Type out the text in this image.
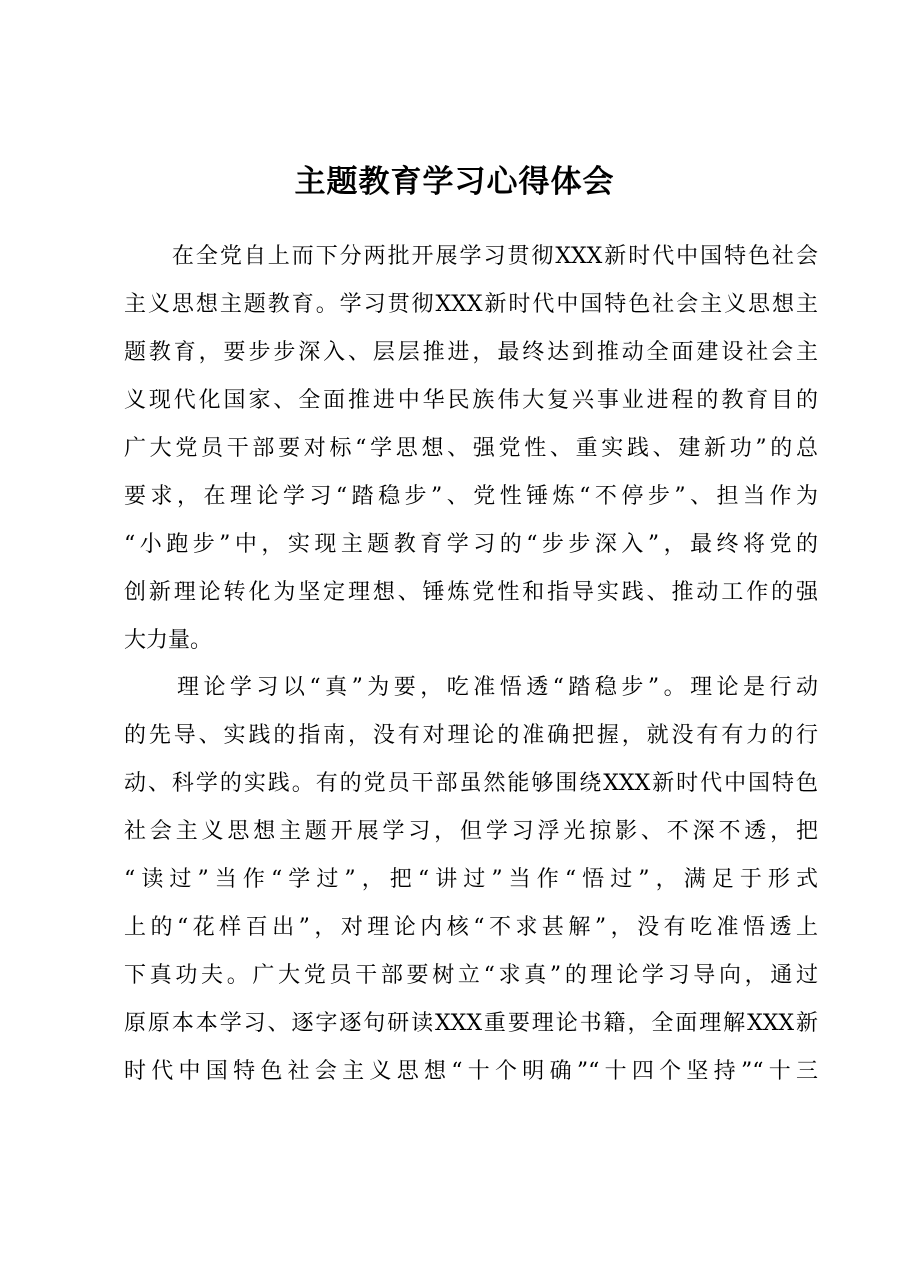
主题教育学习心得体会
　　在全党自上而下分两批开展学习贯彻XXX新时代中国特色社会
主义思想主题教育。学习贯彻XXX新时代中国特色社会主义思想主
题教育，要步步深入、层层推进，最终达到推动全面建设社会主
义现代化国家、全面推进中华民族伟大复兴事业进程的教育目的
广大党员干部要对标“学思想、强党性、重实践、建新功”的总
要求，在理论学习“踏稳步”、党性锤炼“不停步”、担当作为
“小跑步”中，实现主题教育学习的“步步深入”，最终将党的
创新理论转化为坚定理想、锤炼党性和指导实践、推动工作的强
大力量。
　　理论学习以“真”为要，吃准悟透“踏稳步”。理论是行动
的先导、实践的指南，没有对理论的准确把握，就没有有力的行
动、科学的实践。有的党员干部虽然能够围绕XXX新时代中国特色
社会主义思想主题开展学习，但学习浮光掠影、不深不透，把
“读过”当作“学过”，把“讲过”当作“悟过”，满足于形式
上的“花样百出”，对理论内核“不求甚解”，没有吃准悟透上
下真功夫。广大党员干部要树立“求真”的理论学习导向，通过
原原本本学习、逐字逐句研读XXX重要理论书籍，全面理解XXX新
时代中国特色社会主义思想“十个明确”“十四个坚持”“十三
